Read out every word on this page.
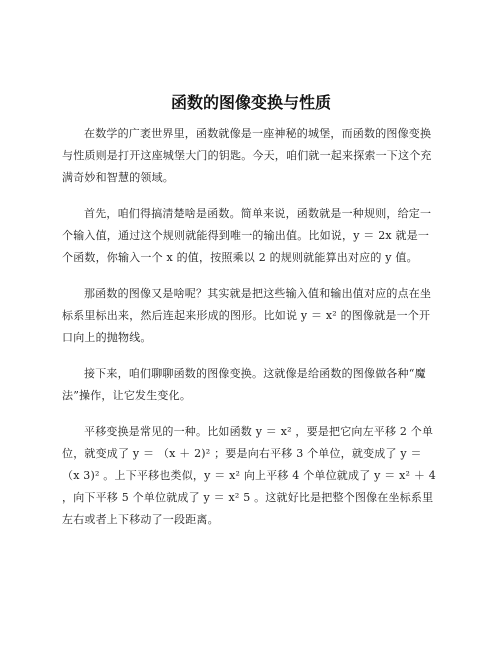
函数的图像变换与性质

在数学的广袤世界里，函数就像是一座神秘的城堡，而函数的图像变换与性质则是打开这座城堡大门的钥匙。今天，咱们就一起来探索一下这个充满奇妙和智慧的领域。

首先，咱们得搞清楚啥是函数。简单来说，函数就是一种规则，给定一个输入值，通过这个规则就能得到唯一的输出值。比如说，y ＝ 2x 就是一个函数，你输入一个 x 的值，按照乘以 2 的规则就能算出对应的 y 值。

那函数的图像又是啥呢？其实就是把这些输入值和输出值对应的点在坐标系里标出来，然后连起来形成的图形。比如说 y ＝ x² 的图像就是一个开口向上的抛物线。

接下来，咱们聊聊函数的图像变换。这就像是给函数的图像做各种“魔法”操作，让它发生变化。

平移变换是常见的一种。比如函数 y ＝ x² ，要是把它向左平移 2 个单位，就变成了 y ＝ （x ＋ 2)² ；要是向右平移 3 个单位，就变成了 y ＝ （x 3)² 。上下平移也类似，y ＝ x² 向上平移 4 个单位就成了 y ＝ x² ＋ 4 ，向下平移 5 个单位就成了 y ＝ x² 5 。这就好比是把整个图像在坐标系里左右或者上下移动了一段距离。
